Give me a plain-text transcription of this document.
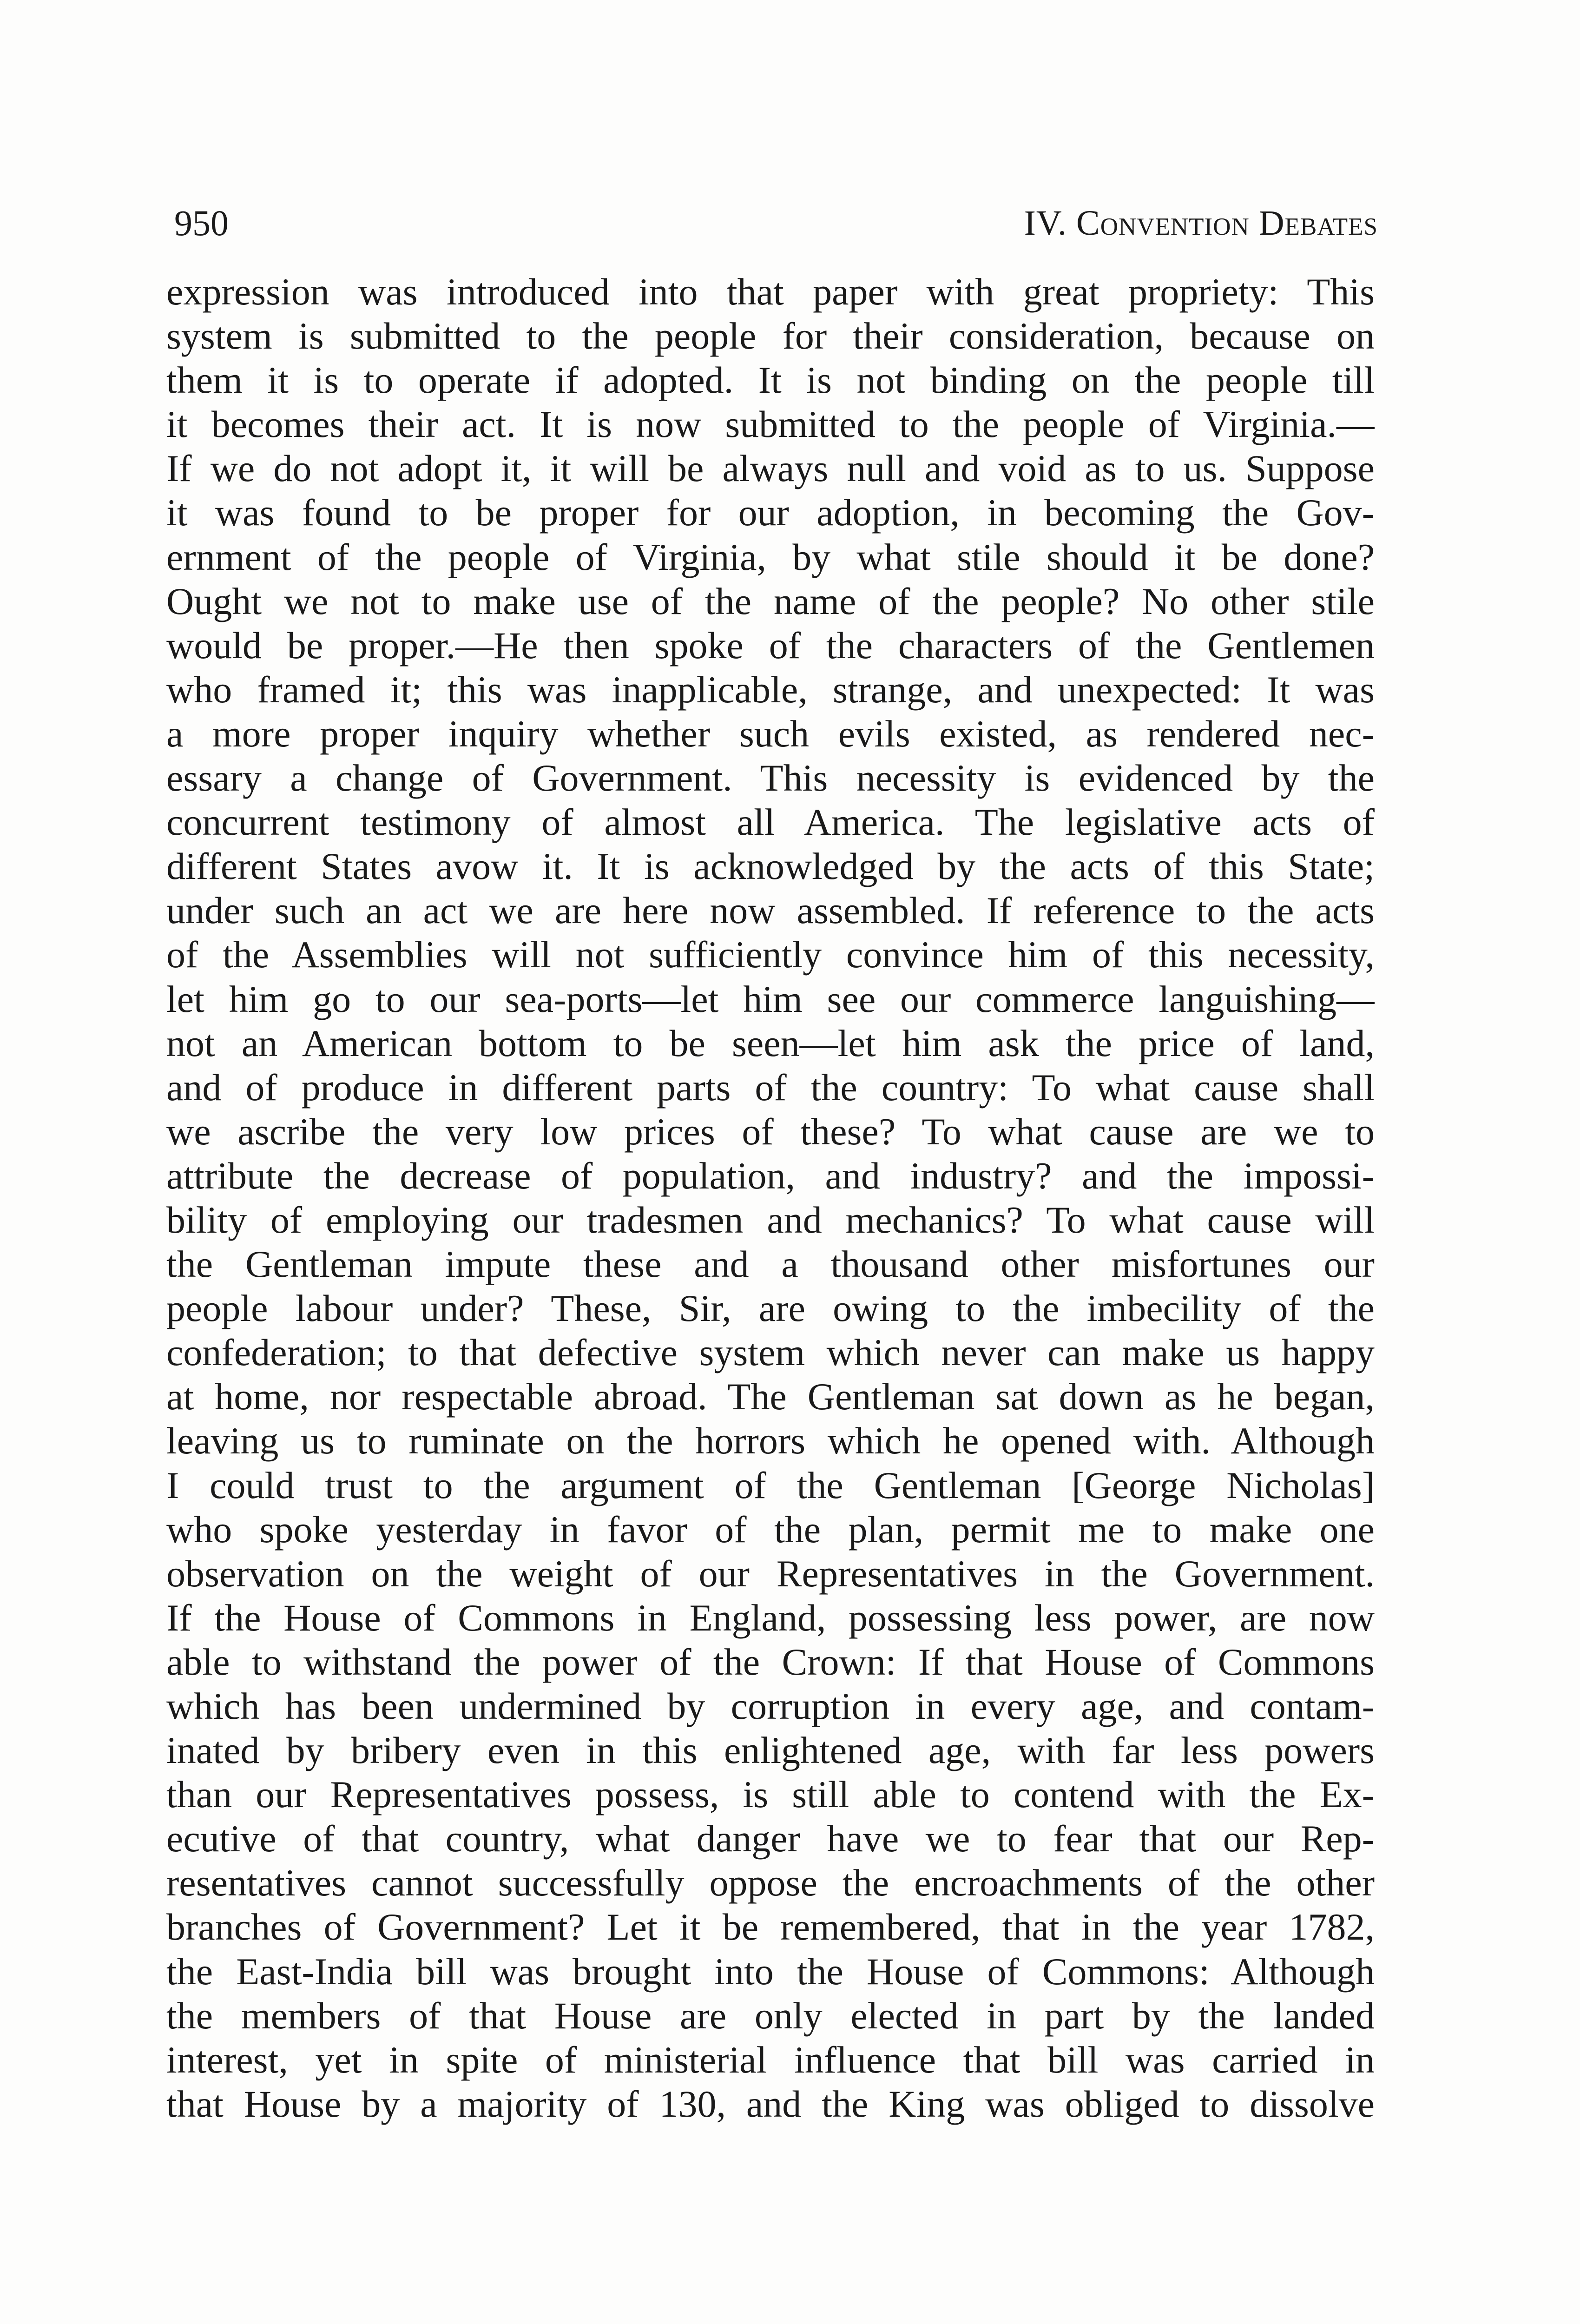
950	IV. Convention Debates
expression was introduced into that paper with great propriety: This
system is submitted to the people for their consideration, because on
them it is to operate if adopted. It is not binding on the people till
it becomes their act. It is now submitted to the people of Virginia.—
If we do not adopt it, it will be always null and void as to us. Suppose
it was found to be proper for our adoption, in becoming the Gov-
ernment of the people of Virginia, by what stile should it be done?
Ought we not to make use of the name of the people? No other stile
would be proper.—He then spoke of the characters of the Gentlemen
who framed it; this was inapplicable, strange, and unexpected: It was
a more proper inquiry whether such evils existed, as rendered nec-
essary a change of Government. This necessity is evidenced by the
concurrent testimony of almost all America. The legislative acts of
different States avow it. It is acknowledged by the acts of this State;
under such an act we are here now assembled. If reference to the acts
of the Assemblies will not sufficiently convince him of this necessity,
let him go to our sea-ports—let him see our commerce languishing—
not an American bottom to be seen—let him ask the price of land,
and of produce in different parts of the country: To what cause shall
we ascribe the very low prices of these? To what cause are we to
attribute the decrease of population, and industry? and the impossi-
bility of employing our tradesmen and mechanics? To what cause will
the Gentleman impute these and a thousand other misfortunes our
people labour under? These, Sir, are owing to the imbecility of the
confederation; to that defective system which never can make us happy
at home, nor respectable abroad. The Gentleman sat down as he began,
leaving us to ruminate on the horrors which he opened with. Although
I could trust to the argument of the Gentleman [George Nicholas]
who spoke yesterday in favor of the plan, permit me to make one
observation on the weight of our Representatives in the Government.
If the House of Commons in England, possessing less power, are now
able to withstand the power of the Crown: If that House of Commons
which has been undermined by corruption in every age, and contam-
inated by bribery even in this enlightened age, with far less powers
than our Representatives possess, is still able to contend with the Ex-
ecutive of that country, what danger have we to fear that our Rep-
resentatives cannot successfully oppose the encroachments of the other
branches of Government? Let it be remembered, that in the year 1782,
the East-India bill was brought into the House of Commons: Although
the members of that House are only elected in part by the landed
interest, yet in spite of ministerial influence that bill was carried in
that House by a majority of 130, and the King was obliged to dissolve
